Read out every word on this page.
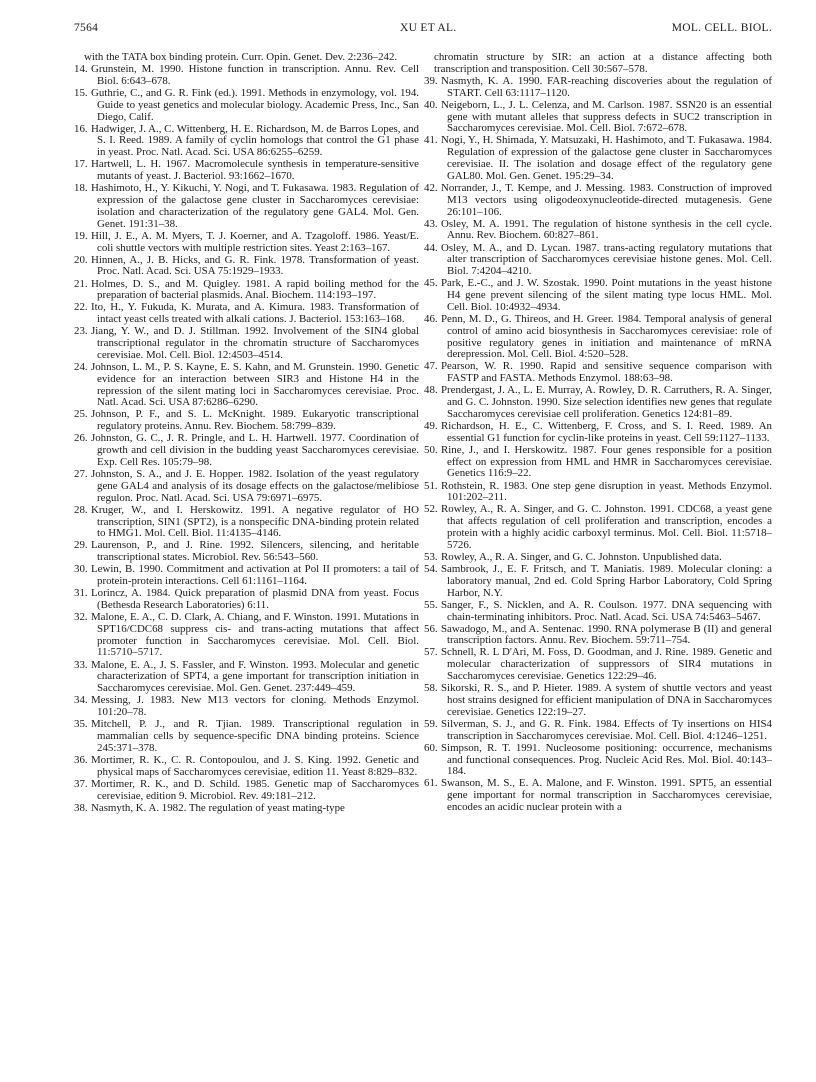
7564	XU ET AL.	MOL. CELL. BIOL.
with the TATA box binding protein. Curr. Opin. Genet. Dev. 2:236–242.
14. Grunstein, M. 1990. Histone function in transcription. Annu. Rev. Cell Biol. 6:643–678.
15. Guthrie, C., and G. R. Fink (ed.). 1991. Methods in enzymology, vol. 194. Guide to yeast genetics and molecular biology. Academic Press, Inc., San Diego, Calif.
16. Hadwiger, J. A., C. Wittenberg, H. E. Richardson, M. de Barros Lopes, and S. I. Reed. 1989. A family of cyclin homologs that control the G1 phase in yeast. Proc. Natl. Acad. Sci. USA 86:6255–6259.
17. Hartwell, L. H. 1967. Macromolecule synthesis in temperature-sensitive mutants of yeast. J. Bacteriol. 93:1662–1670.
18. Hashimoto, H., Y. Kikuchi, Y. Nogi, and T. Fukasawa. 1983. Regulation of expression of the galactose gene cluster in Saccharomyces cerevisiae: isolation and characterization of the regulatory gene GAL4. Mol. Gen. Genet. 191:31–38.
19. Hill, J. E., A. M. Myers, T. J. Koerner, and A. Tzagoloff. 1986. Yeast/E. coli shuttle vectors with multiple restriction sites. Yeast 2:163–167.
20. Hinnen, A., J. B. Hicks, and G. R. Fink. 1978. Transformation of yeast. Proc. Natl. Acad. Sci. USA 75:1929–1933.
21. Holmes, D. S., and M. Quigley. 1981. A rapid boiling method for the preparation of bacterial plasmids. Anal. Biochem. 114:193–197.
22. Ito, H., Y. Fukuda, K. Murata, and A. Kimura. 1983. Transformation of intact yeast cells treated with alkali cations. J. Bacteriol. 153:163–168.
23. Jiang, Y. W., and D. J. Stillman. 1992. Involvement of the SIN4 global transcriptional regulator in the chromatin structure of Saccharomyces cerevisiae. Mol. Cell. Biol. 12:4503–4514.
24. Johnson, L. M., P. S. Kayne, E. S. Kahn, and M. Grunstein. 1990. Genetic evidence for an interaction between SIR3 and Histone H4 in the repression of the silent mating loci in Saccharomyces cerevisiae. Proc. Natl. Acad. Sci. USA 87:6286–6290.
25. Johnson, P. F., and S. L. McKnight. 1989. Eukaryotic transcriptional regulatory proteins. Annu. Rev. Biochem. 58:799–839.
26. Johnston, G. C., J. R. Pringle, and L. H. Hartwell. 1977. Coordination of growth and cell division in the budding yeast Saccharomyces cerevisiae. Exp. Cell Res. 105:79–98.
27. Johnston, S. A., and J. E. Hopper. 1982. Isolation of the yeast regulatory gene GAL4 and analysis of its dosage effects on the galactose/melibiose regulon. Proc. Natl. Acad. Sci. USA 79:6971–6975.
28. Kruger, W., and I. Herskowitz. 1991. A negative regulator of HO transcription, SIN1 (SPT2), is a nonspecific DNA-binding protein related to HMG1. Mol. Cell. Biol. 11:4135–4146.
29. Laurenson, P., and J. Rine. 1992. Silencers, silencing, and heritable transcriptional states. Microbiol. Rev. 56:543–560.
30. Lewin, B. 1990. Commitment and activation at Pol II promoters: a tail of protein-protein interactions. Cell 61:1161–1164.
31. Lorincz, A. 1984. Quick preparation of plasmid DNA from yeast. Focus (Bethesda Research Laboratories) 6:11.
32. Malone, E. A., C. D. Clark, A. Chiang, and F. Winston. 1991. Mutations in SPT16/CDC68 suppress cis- and trans-acting mutations that affect promoter function in Saccharomyces cerevisiae. Mol. Cell. Biol. 11:5710–5717.
33. Malone, E. A., J. S. Fassler, and F. Winston. 1993. Molecular and genetic characterization of SPT4, a gene important for transcription initiation in Saccharomyces cerevisiae. Mol. Gen. Genet. 237:449–459.
34. Messing, J. 1983. New M13 vectors for cloning. Methods Enzymol. 101:20–78.
35. Mitchell, P. J., and R. Tjian. 1989. Transcriptional regulation in mammalian cells by sequence-specific DNA binding proteins. Science 245:371–378.
36. Mortimer, R. K., C. R. Contopoulou, and J. S. King. 1992. Genetic and physical maps of Saccharomyces cerevisiae, edition 11. Yeast 8:829–832.
37. Mortimer, R. K., and D. Schild. 1985. Genetic map of Saccharomyces cerevisiae, edition 9. Microbiol. Rev. 49:181–212.
38. Nasmyth, K. A. 1982. The regulation of yeast mating-type
chromatin structure by SIR: an action at a distance affecting both transcription and transposition. Cell 30:567–578.
39. Nasmyth, K. A. 1990. FAR-reaching discoveries about the regulation of START. Cell 63:1117–1120.
40. Neigeborn, L., J. L. Celenza, and M. Carlson. 1987. SSN20 is an essential gene with mutant alleles that suppress defects in SUC2 transcription in Saccharomyces cerevisiae. Mol. Cell. Biol. 7:672–678.
41. Nogi, Y., H. Shimada, Y. Matsuzaki, H. Hashimoto, and T. Fukasawa. 1984. Regulation of expression of the galactose gene cluster in Saccharomyces cerevisiae. II. The isolation and dosage effect of the regulatory gene GAL80. Mol. Gen. Genet. 195:29–34.
42. Norrander, J., T. Kempe, and J. Messing. 1983. Construction of improved M13 vectors using oligodeoxynucleotide-directed mutagenesis. Gene 26:101–106.
43. Osley, M. A. 1991. The regulation of histone synthesis in the cell cycle. Annu. Rev. Biochem. 60:827–861.
44. Osley, M. A., and D. Lycan. 1987. trans-acting regulatory mutations that alter transcription of Saccharomyces cerevisiae histone genes. Mol. Cell. Biol. 7:4204–4210.
45. Park, E.-C., and J. W. Szostak. 1990. Point mutations in the yeast histone H4 gene prevent silencing of the silent mating type locus HML. Mol. Cell. Biol. 10:4932–4934.
46. Penn, M. D., G. Thireos, and H. Greer. 1984. Temporal analysis of general control of amino acid biosynthesis in Saccharomyces cerevisiae: role of positive regulatory genes in initiation and maintenance of mRNA derepression. Mol. Cell. Biol. 4:520–528.
47. Pearson, W. R. 1990. Rapid and sensitive sequence comparison with FASTP and FASTA. Methods Enzymol. 188:63–98.
48. Prendergast, J. A., L. E. Murray, A. Rowley, D. R. Carruthers, R. A. Singer, and G. C. Johnston. 1990. Size selection identifies new genes that regulate Saccharomyces cerevisiae cell proliferation. Genetics 124:81–89.
49. Richardson, H. E., C. Wittenberg, F. Cross, and S. I. Reed. 1989. An essential G1 function for cyclin-like proteins in yeast. Cell 59:1127–1133.
50. Rine, J., and I. Herskowitz. 1987. Four genes responsible for a position effect on expression from HML and HMR in Saccharomyces cerevisiae. Genetics 116:9–22.
51. Rothstein, R. 1983. One step gene disruption in yeast. Methods Enzymol. 101:202–211.
52. Rowley, A., R. A. Singer, and G. C. Johnston. 1991. CDC68, a yeast gene that affects regulation of cell proliferation and transcription, encodes a protein with a highly acidic carboxyl terminus. Mol. Cell. Biol. 11:5718–5726.
53. Rowley, A., R. A. Singer, and G. C. Johnston. Unpublished data.
54. Sambrook, J., E. F. Fritsch, and T. Maniatis. 1989. Molecular cloning: a laboratory manual, 2nd ed. Cold Spring Harbor Laboratory, Cold Spring Harbor, N.Y.
55. Sanger, F., S. Nicklen, and A. R. Coulson. 1977. DNA sequencing with chain-terminating inhibitors. Proc. Natl. Acad. Sci. USA 74:5463–5467.
56. Sawadogo, M., and A. Sentenac. 1990. RNA polymerase B (II) and general transcription factors. Annu. Rev. Biochem. 59:711–754.
57. Schnell, R. L D'Ari, M. Foss, D. Goodman, and J. Rine. 1989. Genetic and molecular characterization of suppressors of SIR4 mutations in Saccharomyces cerevisiae. Genetics 122:29–46.
58. Sikorski, R. S., and P. Hieter. 1989. A system of shuttle vectors and yeast host strains designed for efficient manipulation of DNA in Saccharomyces cerevisiae. Genetics 122:19–27.
59. Silverman, S. J., and G. R. Fink. 1984. Effects of Ty insertions on HIS4 transcription in Saccharomyces cerevisiae. Mol. Cell. Biol. 4:1246–1251.
60. Simpson, R. T. 1991. Nucleosome positioning: occurrence, mechanisms and functional consequences. Prog. Nucleic Acid Res. Mol. Biol. 40:143–184.
61. Swanson, M. S., E. A. Malone, and F. Winston. 1991. SPT5, an essential gene important for normal transcription in Saccharomyces cerevisiae, encodes an acidic nuclear protein with a
